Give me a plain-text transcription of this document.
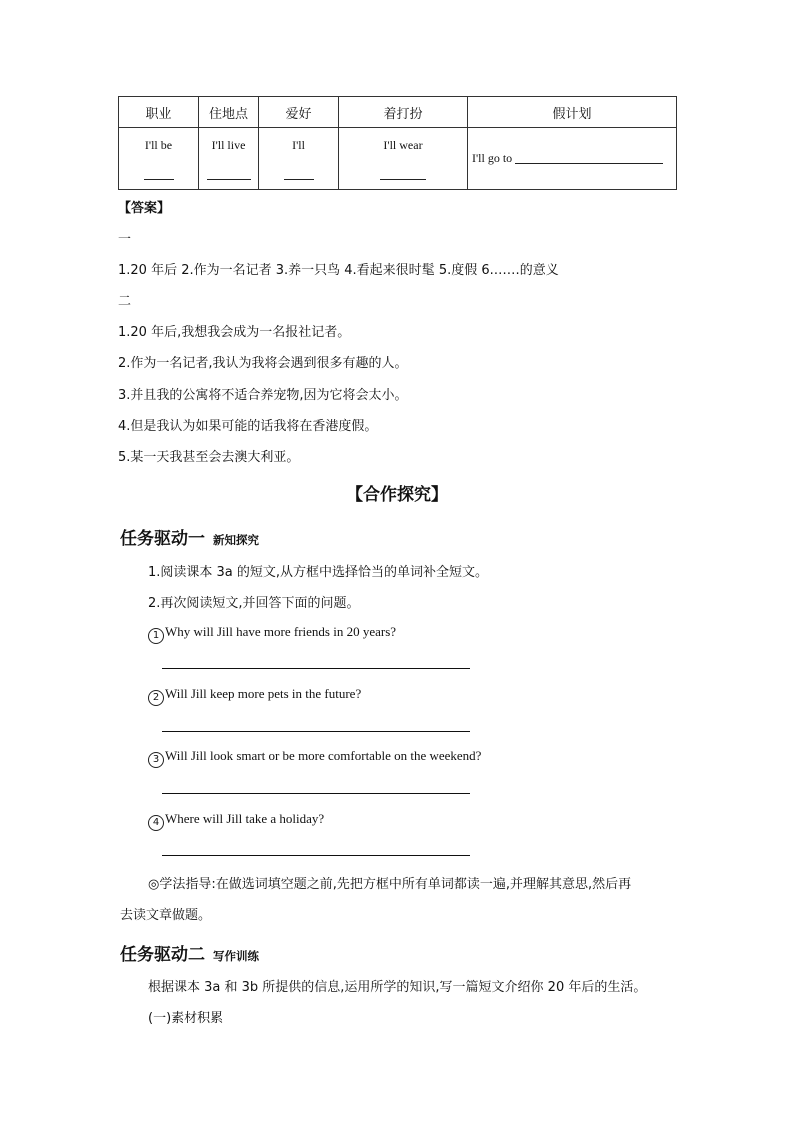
职业	住地点	爱好	着打扮	假计划

I'll be	I'll live	I'll	I'll wear	I'll go to
【答案】
一
1.20 年后 2.作为一名记者 3.养一只鸟 4.看起来很时髦 5.度假 6.……的意义
二
1.20 年后,我想我会成为一名报社记者。
2.作为一名记者,我认为我将会遇到很多有趣的人。
3.并且我的公寓将不适合养宠物,因为它将会太小。
4.但是我认为如果可能的话我将在香港度假。
5.某一天我甚至会去澳大利亚。
【合作探究】
任务驱动一 新知探究
1.阅读课本 3a 的短文,从方框中选择恰当的单词补全短文。
2.再次阅读短文,并回答下面的问题。
1 Why will Jill have more friends in 20 years?
2 Will Jill keep more pets in the future?
3 Will Jill look smart or be more comfortable on the weekend?
4 Where will Jill take a holiday?
◎学法指导:在做选词填空题之前,先把方框中所有单词都读一遍,并理解其意思,然后再
去读文章做题。
任务驱动二 写作训练
根据课本 3a 和 3b 所提供的信息,运用所学的知识,写一篇短文介绍你 20 年后的生活。
(一)素材积累
